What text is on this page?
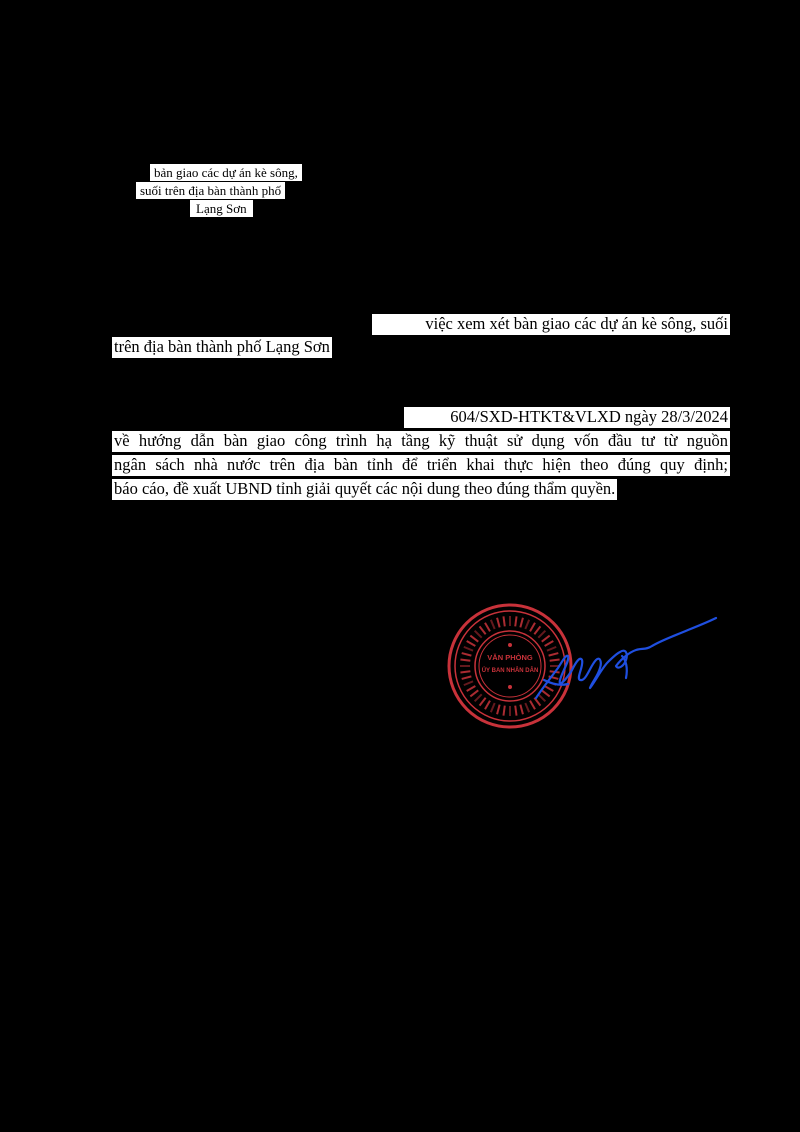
bản giao các dự án kè sông,
suối trên địa bàn thành phố
Lạng Sơn
việc xem xét bàn giao các dự án kè sông, suối
trên địa bàn thành phố Lạng Sơn
604/SXD-HTKT&VLXD ngày 28/3/2024
về hướng dẫn bàn giao công trình hạ tầng kỹ thuật sử dụng vốn đầu tư từ nguồn
ngân sách nhà nước trên địa bàn tỉnh để triển khai thực hiện theo đúng quy định;
báo cáo, đề xuất UBND tỉnh giải quyết các nội dung theo đúng thẩm quyền.
VĂN PHÒNG
ỦY BAN NHÂN DÂN
